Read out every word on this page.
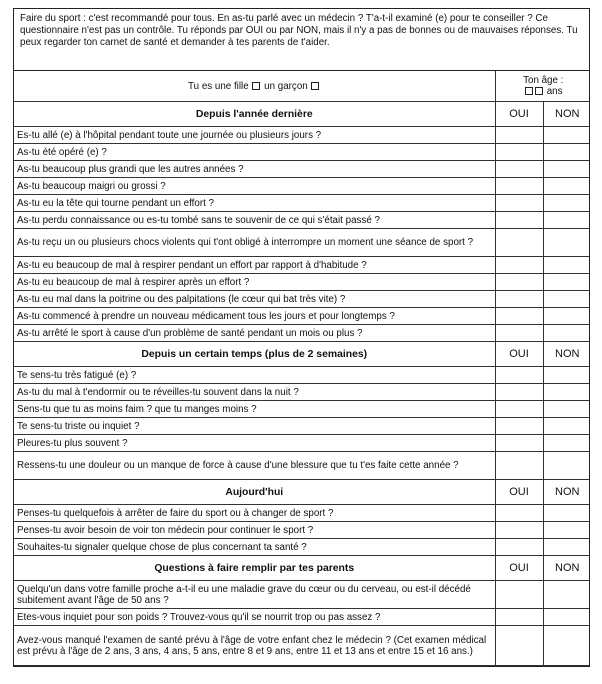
Faire du sport : c'est recommandé pour tous. En as-tu parlé avec un médecin ? T'a-t-il examiné (e) pour te conseiller ? Ce questionnaire n'est pas un contrôle. Tu réponds par OUI ou par NON, mais il n'y a pas de bonnes ou de mauvaises réponses. Tu peux regarder ton carnet de santé et demander à tes parents de t'aider.
Tu es une fille un garçon	Ton âge :
ans	

Depuis l'année dernière	OUI	NON
Es-tu allé (e) à l'hôpital pendant toute une journée ou plusieurs jours ?		
As-tu été opéré (e) ?		
As-tu beaucoup plus grandi que les autres années ?		
As-tu beaucoup maigri ou grossi ?		
As-tu eu la tête qui tourne pendant un effort ?		
As-tu perdu connaissance ou es-tu tombé sans te souvenir de ce qui s'était passé ?		
As-tu reçu un ou plusieurs chocs violents qui t'ont obligé à interrompre un moment une séance de sport ?		
As-tu eu beaucoup de mal à respirer pendant un effort par rapport à d'habitude ?		
As-tu eu beaucoup de mal à respirer après un effort ?		
As-tu eu mal dans la poitrine ou des palpitations (le cœur qui bat très vite) ?		
As-tu commencé à prendre un nouveau médicament tous les jours et pour longtemps ?		
As-tu arrêté le sport à cause d'un problème de santé pendant un mois ou plus ?		
Depuis un certain temps (plus de 2 semaines)	OUI	NON
Te sens-tu très fatigué (e) ?		
As-tu du mal à t'endormir ou te réveilles-tu souvent dans la nuit ?		
Sens-tu que tu as moins faim ? que tu manges moins ?		
Te sens-tu triste ou inquiet ?		
Pleures-tu plus souvent ?		
Ressens-tu une douleur ou un manque de force à cause d'une blessure que tu t'es faite cette année ?		
Aujourd'hui	OUI	NON
Penses-tu quelquefois à arrêter de faire du sport ou à changer de sport ?		
Penses-tu avoir besoin de voir ton médecin pour continuer le sport ?		
Souhaites-tu signaler quelque chose de plus concernant ta santé ?		
Questions à faire remplir par tes parents	OUI	NON
Quelqu'un dans votre famille proche a-t-il eu une maladie grave du cœur ou du cerveau, ou est-il décédé subitement avant l'âge de 50 ans ?		
Etes-vous inquiet pour son poids ? Trouvez-vous qu'il se nourrit trop ou pas assez ?		
Avez-vous manqué l'examen de santé prévu à l'âge de votre enfant chez le médecin ? (Cet examen médical est prévu à l'âge de 2 ans, 3 ans, 4 ans, 5 ans, entre 8 et 9 ans, entre 11 et 13 ans et entre 15 et 16 ans.)		
